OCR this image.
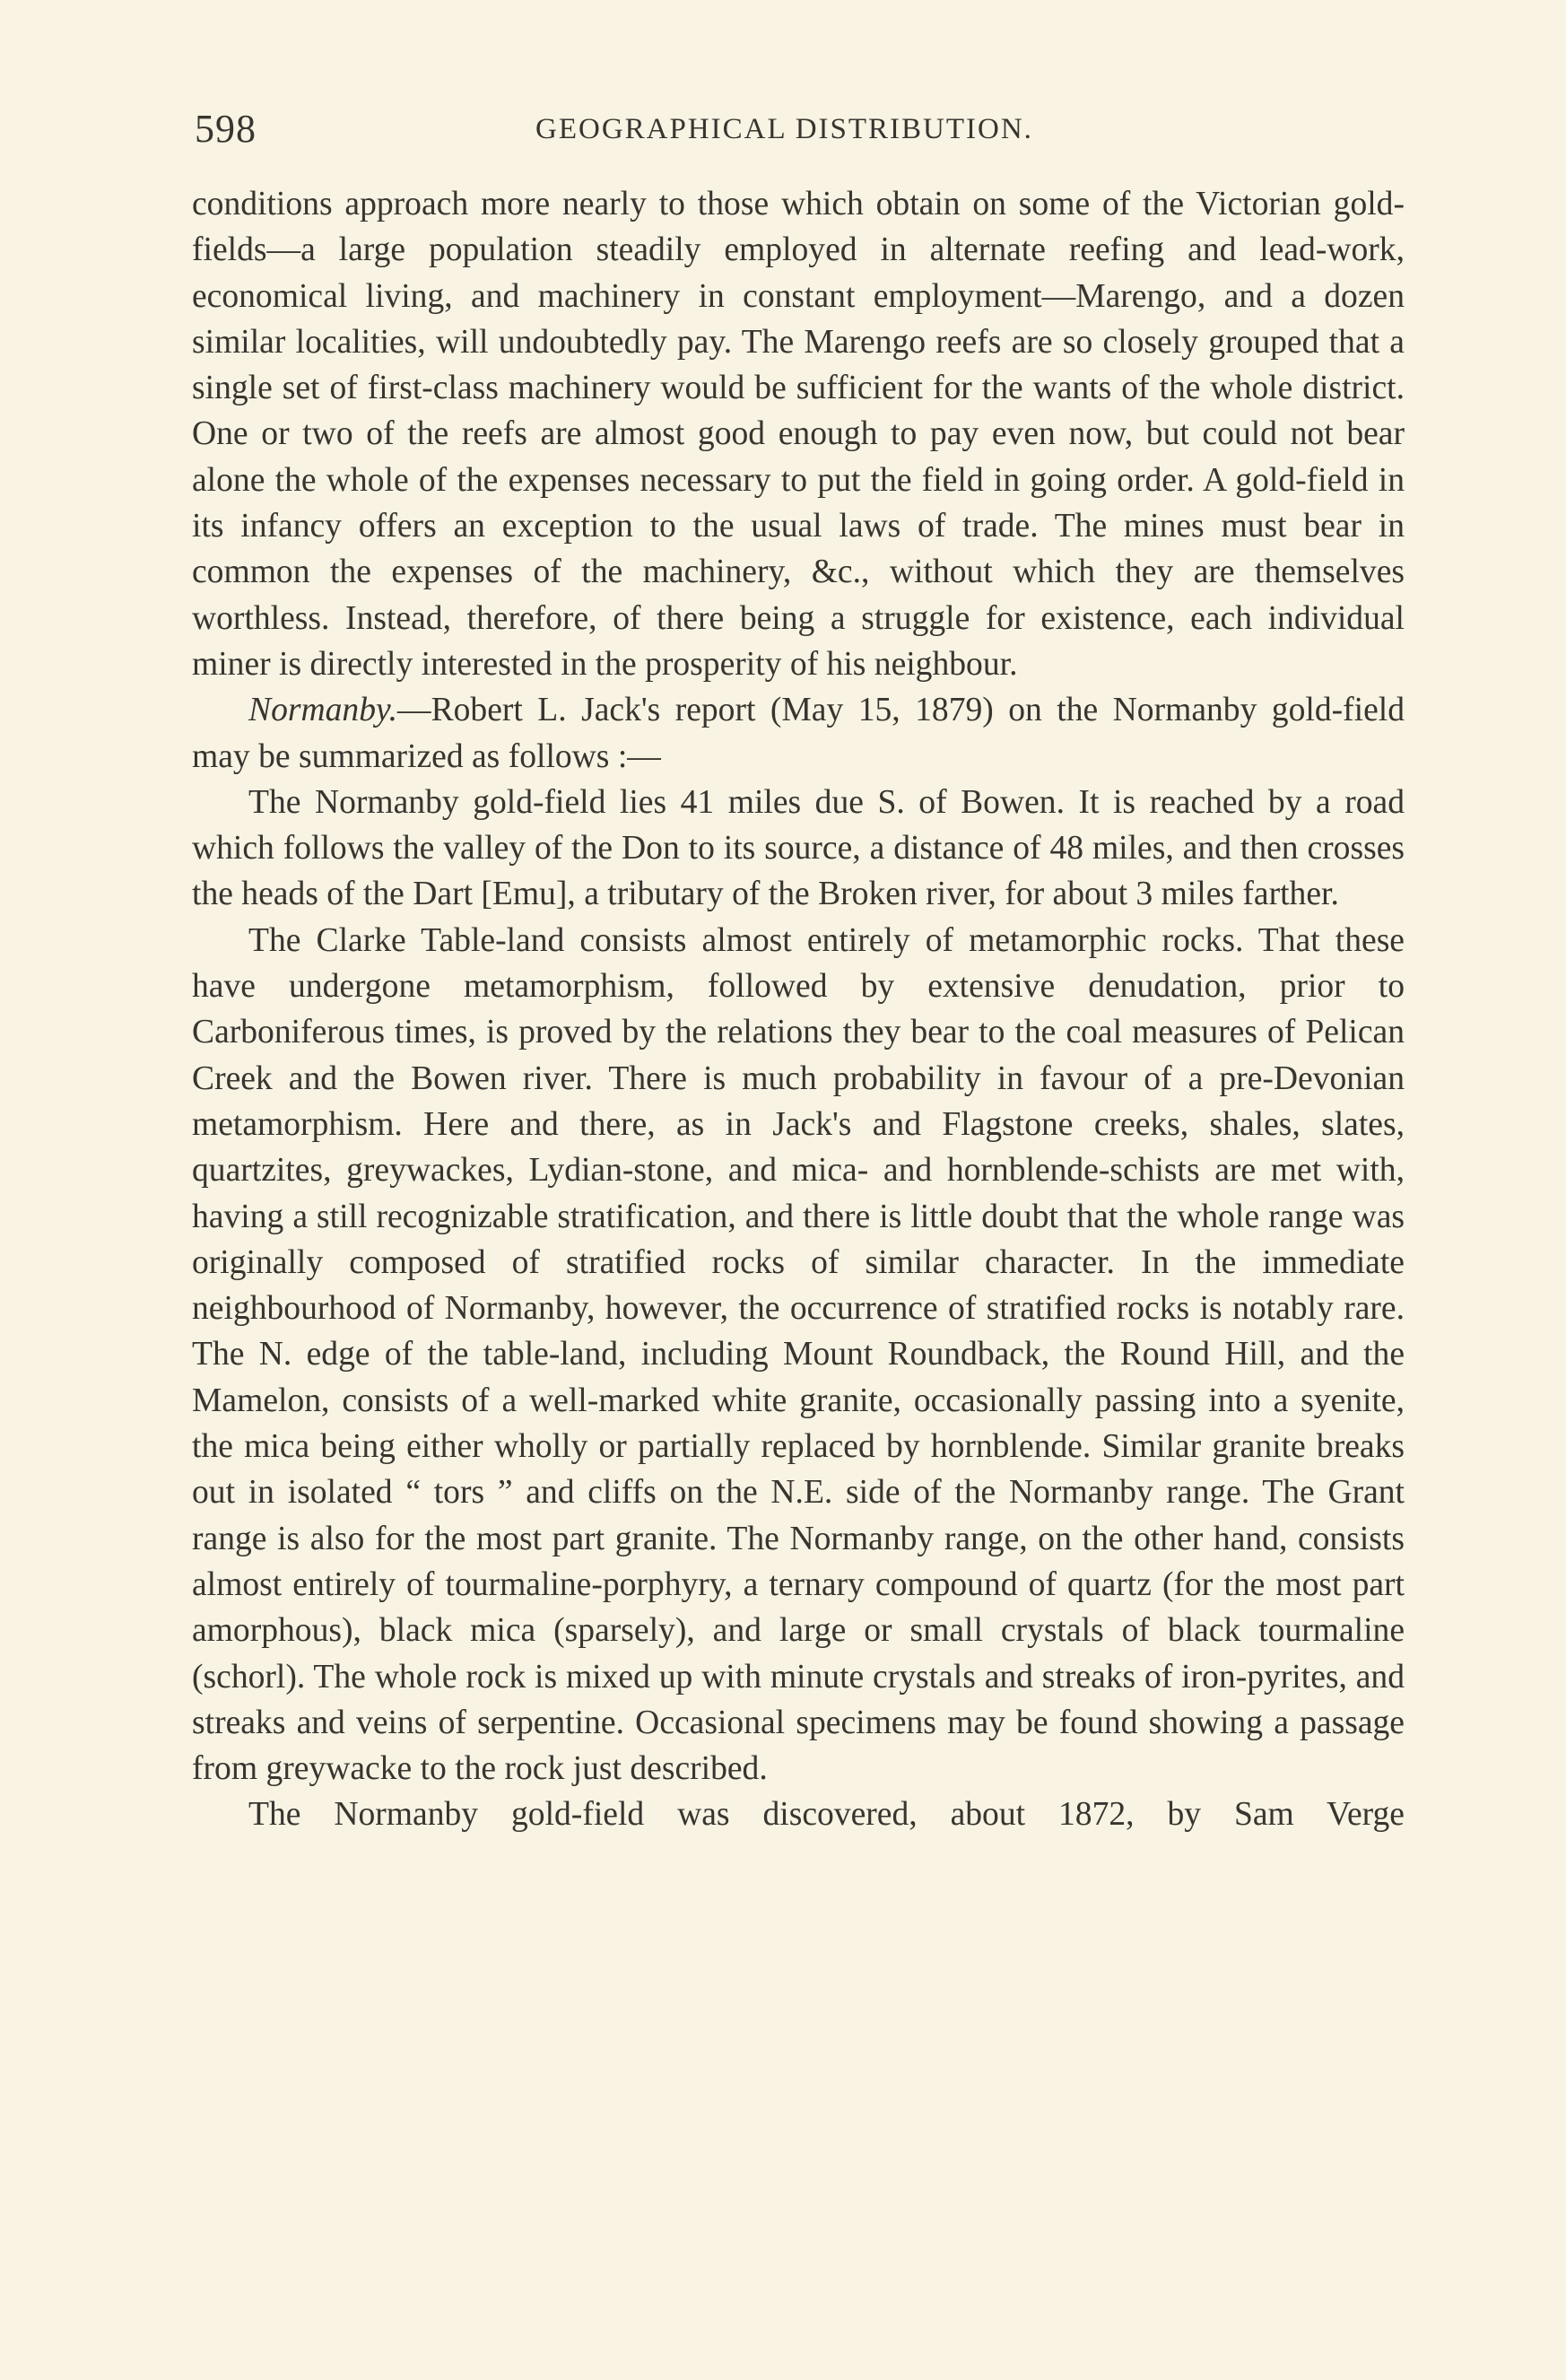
598	GEOGRAPHICAL DISTRIBUTION.

conditions approach more nearly to those which obtain on some of the Victorian gold-fields—a large population steadily employed in alternate reefing and lead-work, economical living, and machinery in constant employment—Marengo, and a dozen similar localities, will undoubtedly pay. The Marengo reefs are so closely grouped that a single set of first-class machinery would be sufficient for the wants of the whole district. One or two of the reefs are almost good enough to pay even now, but could not bear alone the whole of the expenses necessary to put the field in going order. A gold-field in its infancy offers an exception to the usual laws of trade. The mines must bear in common the expenses of the machinery, &c., without which they are themselves worthless. Instead, therefore, of there being a struggle for existence, each individual miner is directly interested in the prosperity of his neighbour.

Normanby.—Robert L. Jack's report (May 15, 1879) on the Normanby gold-field may be summarized as follows :—

The Normanby gold-field lies 41 miles due S. of Bowen. It is reached by a road which follows the valley of the Don to its source, a distance of 48 miles, and then crosses the heads of the Dart [Emu], a tributary of the Broken river, for about 3 miles farther.

The Clarke Table-land consists almost entirely of metamorphic rocks. That these have undergone metamorphism, followed by extensive denudation, prior to Carboniferous times, is proved by the relations they bear to the coal measures of Pelican Creek and the Bowen river. There is much probability in favour of a pre-Devonian metamorphism. Here and there, as in Jack's and Flagstone creeks, shales, slates, quartzites, greywackes, Lydian-stone, and mica- and hornblende-schists are met with, having a still recognizable stratification, and there is little doubt that the whole range was originally composed of stratified rocks of similar character. In the immediate neighbourhood of Normanby, however, the occurrence of stratified rocks is notably rare. The N. edge of the table-land, including Mount Roundback, the Round Hill, and the Mamelon, consists of a well-marked white granite, occasionally passing into a syenite, the mica being either wholly or partially replaced by hornblende. Similar granite breaks out in isolated “ tors ” and cliffs on the N.E. side of the Normanby range. The Grant range is also for the most part granite. The Normanby range, on the other hand, consists almost entirely of tourmaline-porphyry, a ternary compound of quartz (for the most part amorphous), black mica (sparsely), and large or small crystals of black tourmaline (schorl). The whole rock is mixed up with minute crystals and streaks of iron-pyrites, and streaks and veins of serpentine. Occasional specimens may be found showing a passage from greywacke to the rock just described.

The Normanby gold-field was discovered, about 1872, by Sam Verge
